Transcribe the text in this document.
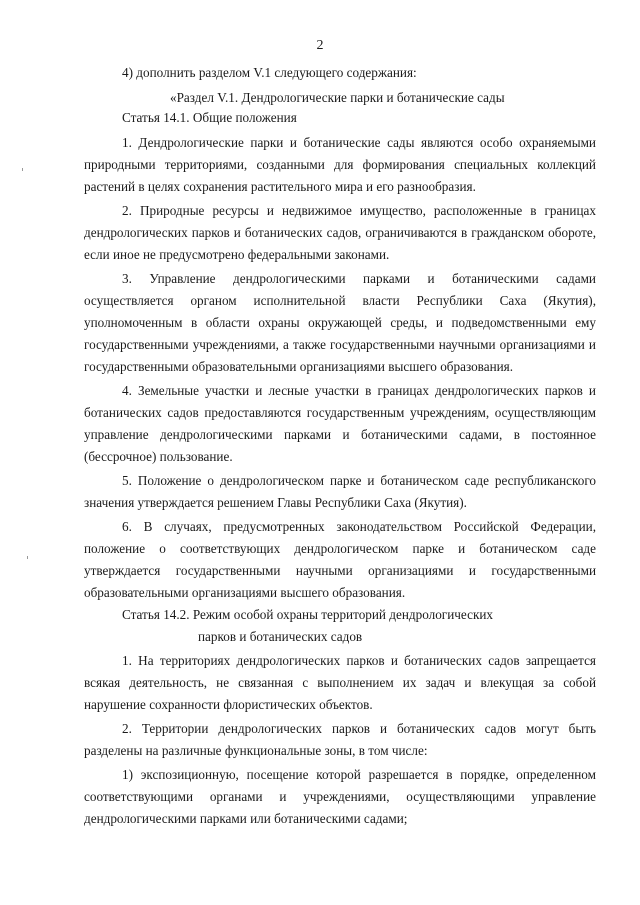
2
4) дополнить разделом V.1 следующего содержания:
«Раздел V.1. Дендрологические парки и ботанические сады
Статья 14.1. Общие положения
1. Дендрологические парки и ботанические сады являются особо охраняемыми
природными территориями, созданными для формирования специальных коллекций
растений в целях сохранения растительного мира и его разнообразия.
2. Природные ресурсы и недвижимое имущество, расположенные в границах
дендрологических парков и ботанических садов, ограничиваются в гражданском обороте,
если иное не предусмотрено федеральными законами.
3. Управление дендрологическими парками и ботаническими садами
осуществляется органом исполнительной власти Республики Саха (Якутия),
уполномоченным в области охраны окружающей среды, и подведомственными ему
государственными учреждениями, а также государственными научными организациями и
государственными образовательными организациями высшего образования.
4. Земельные участки и лесные участки в границах дендрологических парков и
ботанических садов предоставляются государственным учреждениям, осуществляющим
управление дендрологическими парками и ботаническими садами, в постоянное
(бессрочное) пользование.
5. Положение о дендрологическом парке и ботаническом саде республиканского
значения утверждается решением Главы Республики Саха (Якутия).
6. В случаях, предусмотренных законодательством Российской Федерации,
положение о соответствующих дендрологическом парке и ботаническом саде
утверждается государственными научными организациями и государственными
образовательными организациями высшего образования.
Статья 14.2. Режим особой охраны территорий дендрологических
парков и ботанических садов
1. На территориях дендрологических парков и ботанических садов запрещается
всякая деятельность, не связанная с выполнением их задач и влекущая за собой
нарушение сохранности флористических объектов.
2. Территории дендрологических парков и ботанических садов могут быть
разделены на различные функциональные зоны, в том числе:
1) экспозиционную, посещение которой разрешается в порядке, определенном
соответствующими органами и учреждениями, осуществляющими управление
дендрологическими парками или ботаническими садами;
